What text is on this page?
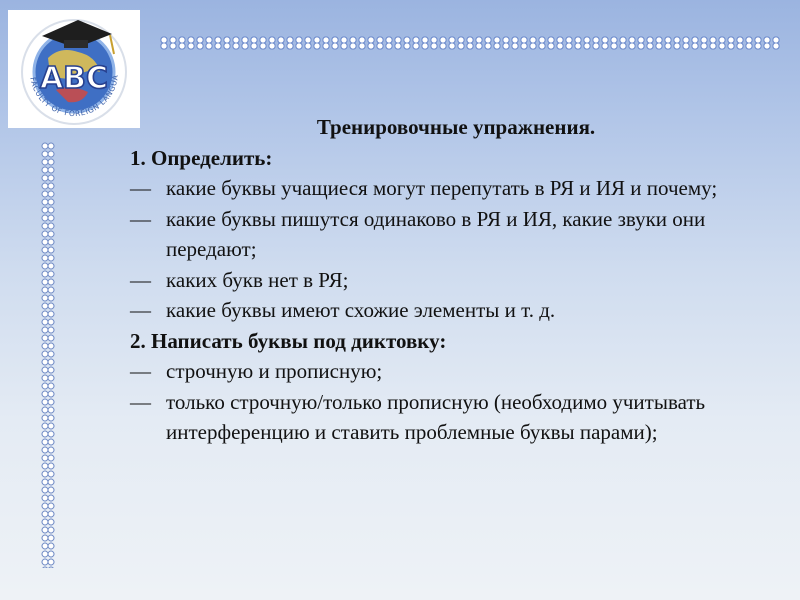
ABC
FACULTY OF FOREIGN LANGUA
Тренировочные упражнения.
1. Определить:
— какие буквы учащиеся могут перепутать в РЯ и ИЯ и почему;
— какие буквы пишутся одинаково в РЯ и ИЯ, какие звуки они передают;
— каких букв нет в РЯ;
— какие буквы имеют схожие элементы и т. д.
2. Написать буквы под диктовку:
— строчную и прописную;
— только строчную/только прописную (необходимо учитывать интерференцию и ставить проблемные буквы парами);
